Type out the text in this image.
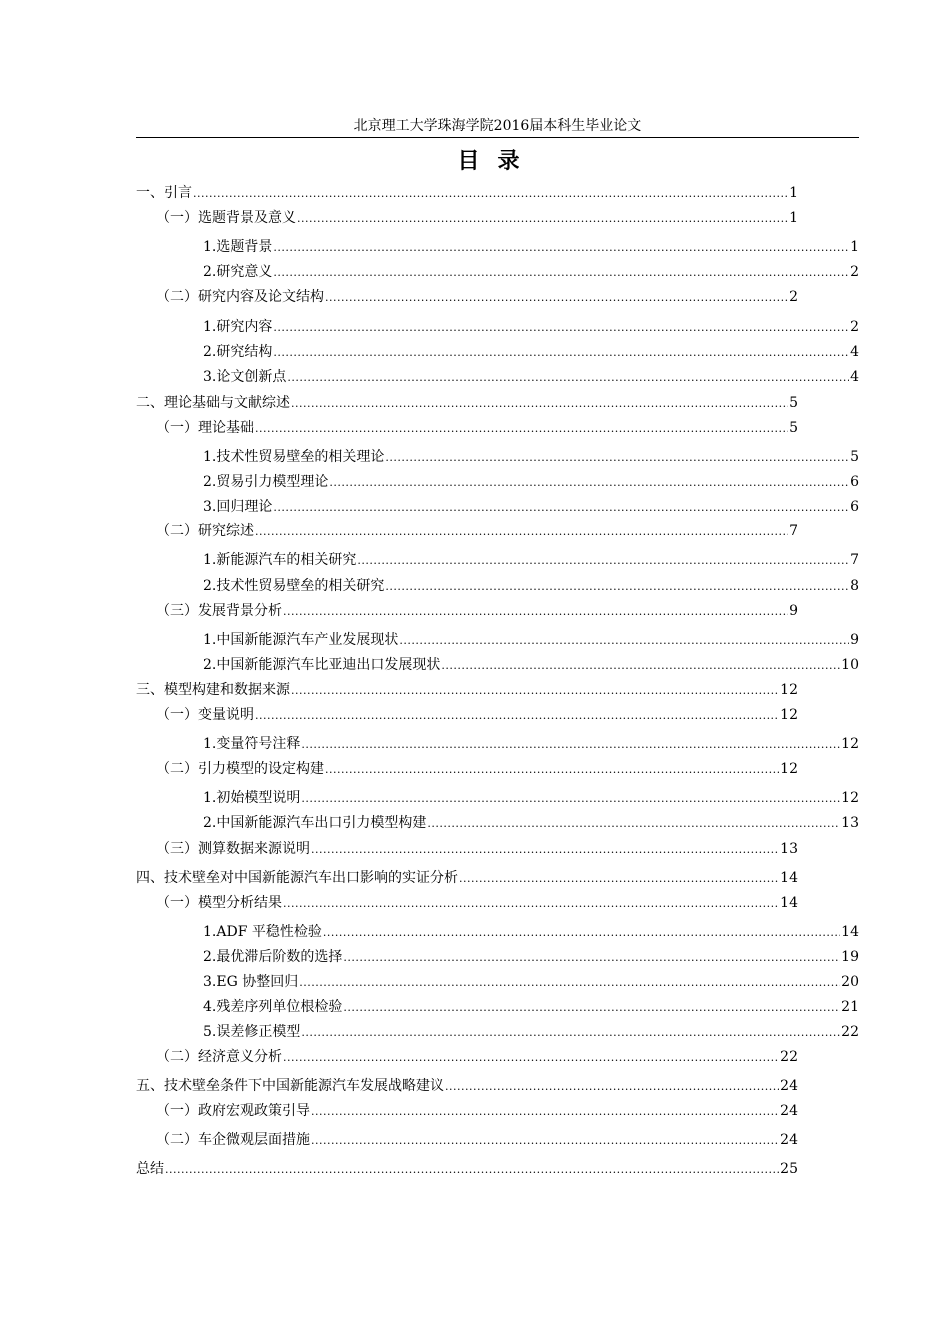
北京理工大学珠海学院2016届本科生毕业论文
目录
一、引言 .....	1
（一）选题背景及意义 .....	1
1.选题背景 .....	1
2.研究意义 .....	2
（二）研究内容及论文结构 .....	2
1.研究内容 .....	2
2.研究结构 .....	4
3.论文创新点 .....	4
二、理论基础与文献综述 .....	5
（一）理论基础 .....	5
1.技术性贸易壁垒的相关理论 .....	5
2.贸易引力模型理论 .....	6
3.回归理论 .....	6
（二）研究综述 .....	7
1.新能源汽车的相关研究 .....	7
2.技术性贸易壁垒的相关研究 .....	8
（三）发展背景分析 .....	9
1.中国新能源汽车产业发展现状 .....	9
2.中国新能源汽车比亚迪出口发展现状 .....	10
三、模型构建和数据来源 .....	12
（一）变量说明 .....	12
1.变量符号注释 .....	12
（二）引力模型的设定构建 .....	12
1.初始模型说明 .....	12
2.中国新能源汽车出口引力模型构建 .....	13
（三）测算数据来源说明 .....	13
四、技术壁垒对中国新能源汽车出口影响的实证分析 .....	14
（一）模型分析结果 .....	14
1.ADF 平稳性检验 .....	14
2.最优滞后阶数的选择 .....	19
3.EG 协整回归 .....	20
4.残差序列单位根检验 .....	21
5.误差修正模型 .....	22
（二）经济意义分析 .....	22
五、技术壁垒条件下中国新能源汽车发展战略建议 .....	24
（一）政府宏观政策引导 .....	24
（二）车企微观层面措施 .....	24
总结 .....	25
